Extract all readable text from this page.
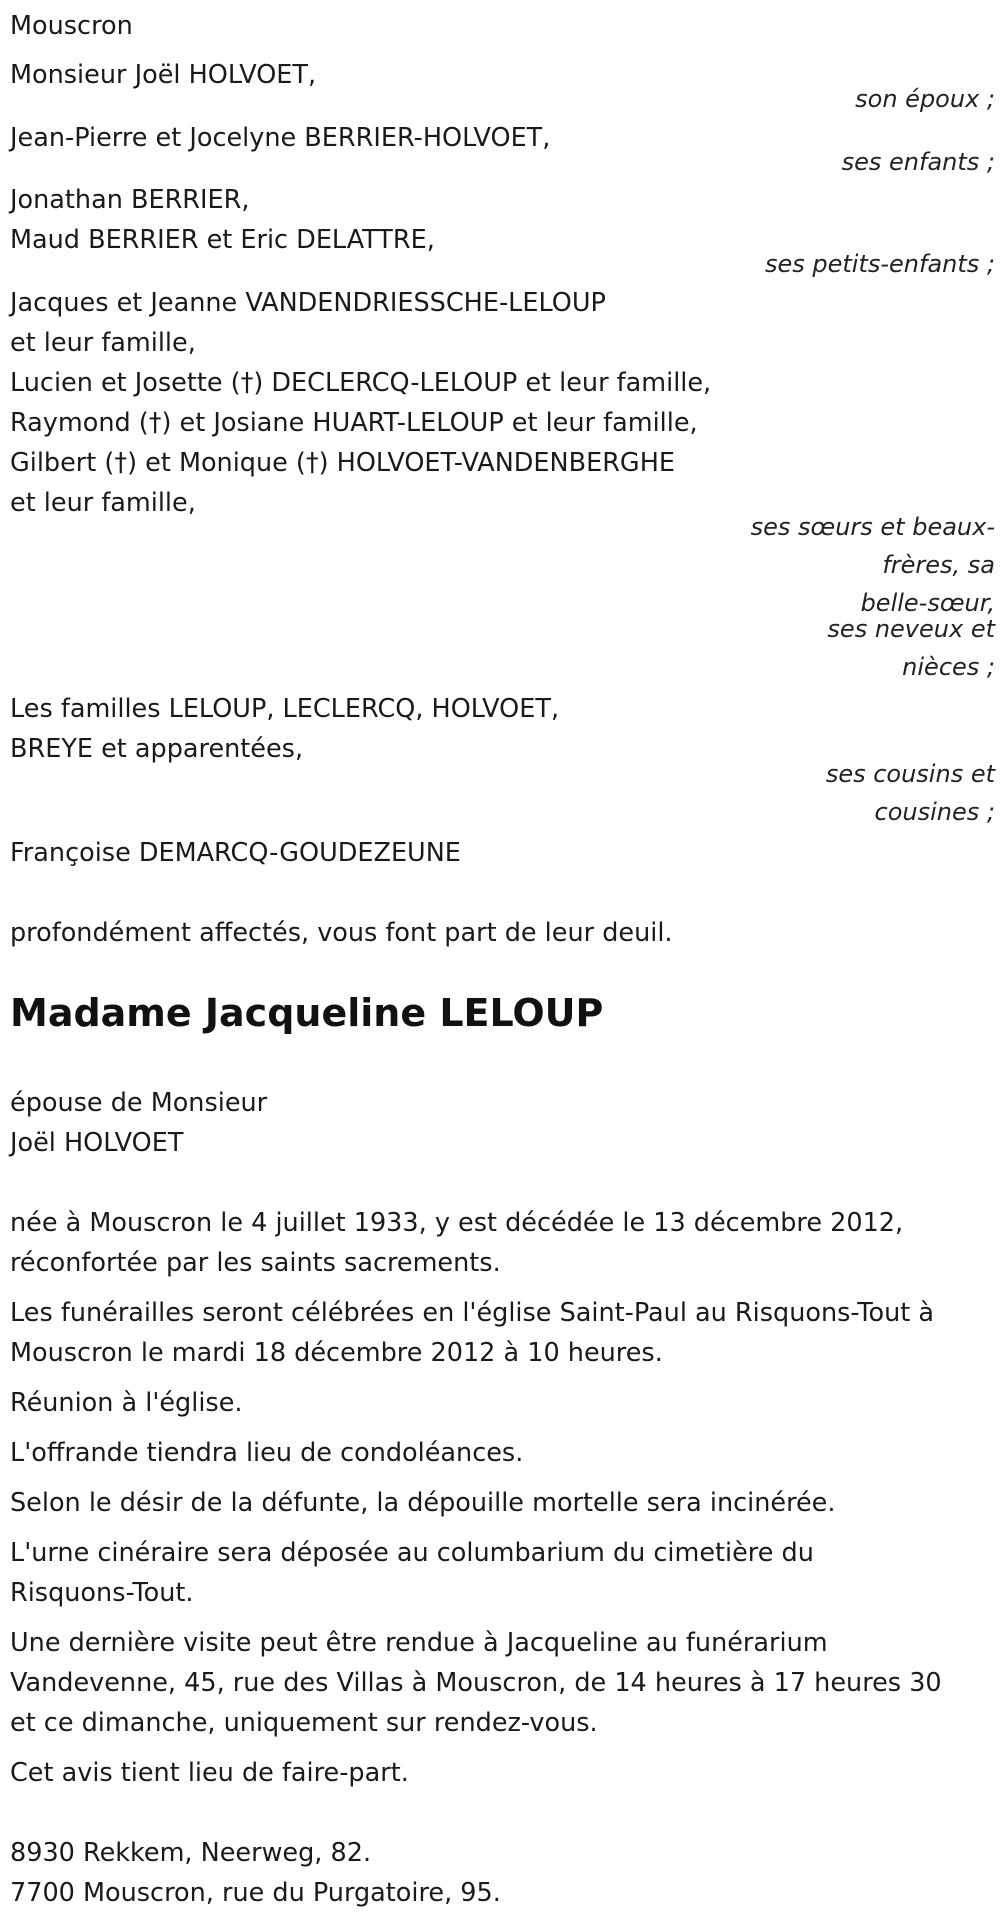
Mouscron
Monsieur Joël HOLVOET,
son époux ;
Jean-Pierre et Jocelyne BERRIER-HOLVOET,
ses enfants ;
Jonathan BERRIER,
Maud BERRIER et Eric DELATTRE,
ses petits-enfants ;
Jacques et Jeanne VANDENDRIESSCHE-LELOUP
et leur famille,
Lucien et Josette (†) DECLERCQ-LELOUP et leur famille,
Raymond (†) et Josiane HUART-LELOUP et leur famille,
Gilbert (†) et Monique (†) HOLVOET-VANDENBERGHE
et leur famille,
ses sœurs et beaux-
frères, sa
belle-sœur,
ses neveux et
nièces ;
Les familles LELOUP, LECLERCQ, HOLVOET,
BREYE et apparentées,
ses cousins et
cousines ;
Françoise DEMARCQ-GOUDEZEUNE
profondément affectés, vous font part de leur deuil.
Madame Jacqueline LELOUP
épouse de Monsieur
Joël HOLVOET
née à Mouscron le 4 juillet 1933, y est décédée le 13 décembre 2012,
réconfortée par les saints sacrements.
Les funérailles seront célébrées en l'église Saint-Paul au Risquons-Tout à
Mouscron le mardi 18 décembre 2012 à 10 heures.
Réunion à l'église.
L'offrande tiendra lieu de condoléances.
Selon le désir de la défunte, la dépouille mortelle sera incinérée.
L'urne cinéraire sera déposée au columbarium du cimetière du
Risquons-Tout.
Une dernière visite peut être rendue à Jacqueline au funérarium
Vandevenne, 45, rue des Villas à Mouscron, de 14 heures à 17 heures 30
et ce dimanche, uniquement sur rendez-vous.
Cet avis tient lieu de faire-part.
8930 Rekkem, Neerweg, 82.
7700 Mouscron, rue du Purgatoire, 95.
